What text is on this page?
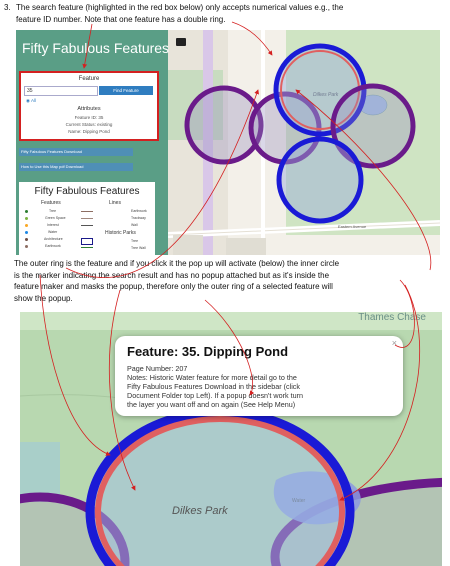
3. The search feature (highlighted in the red box below) only accepts numerical values e.g., the
feature ID number. Note that one feature has a double ring.
Eastern Avenue
Fifty Fabulous Features
Feature
35	Find Feature
◉ All
Attributes
Feature ID: 35
Current Status: existing
Name: Dipping Pond
Fifty Fabulous Features Download
How to Use this Map pdf Download
Fifty Fabulous Features
Features	Lines
Tree
Green Space
Interest
Water
Architecture
Earthwork
Earthwork
Trackway
Wall
Historic Parks
Tree
Tree Wall
The outer ring is the feature and if you click it the pop up will activate (below) the inner circle
is the marker indicating the search result and has no popup attached but as it's inside the
feature maker and masks the popup, therefore only the outer ring of a selected feature will
show the popup.
Thames Chase
Dilkes Park
Feature: 35. Dipping Pond
×
Page Number: 207
Notes: Historic Water feature for more detail go to the
Fifty Fabulous Features Download in the sidebar (click
Document Folder top Left). If a popup doesn't work turn
the layer you want off and on again (See Help Menu)
